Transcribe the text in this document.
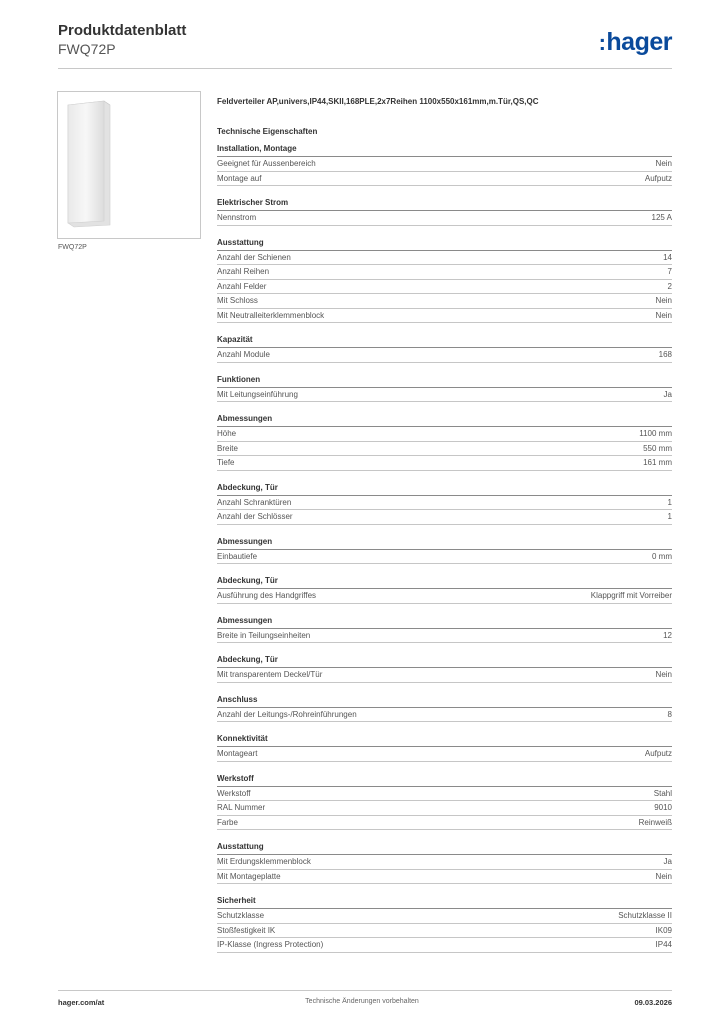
Produktdatenblatt
FWQ72P	:hager
FWQ72P
Feldverteiler AP,univers,IP44,SKII,168PLE,2x7Reihen 1100x550x161mm,m.Tür,QS,QC
Technische Eigenschaften
Installation, Montage
Geeignet für Aussenbereich	Nein
Montage auf	Aufputz
Elektrischer Strom
Nennstrom	125 A
Ausstattung
Anzahl der Schienen	14
Anzahl Reihen	7
Anzahl Felder	2
Mit Schloss	Nein
Mit Neutralleiterklemmenblock	Nein
Kapazität
Anzahl Module	168
Funktionen
Mit Leitungseinführung	Ja
Abmessungen
Höhe	1100 mm
Breite	550 mm
Tiefe	161 mm
Abdeckung, Tür
Anzahl Schranktüren	1
Anzahl der Schlösser	1
Abmessungen
Einbautiefe	0 mm
Abdeckung, Tür
Ausführung des Handgriffes	Klappgriff mit Vorreiber
Abmessungen
Breite in Teilungseinheiten	12
Abdeckung, Tür
Mit transparentem Deckel/Tür	Nein
Anschluss
Anzahl der Leitungs-/Rohreinführungen	8
Konnektivität
Montageart	Aufputz
Werkstoff
Werkstoff	Stahl
RAL Nummer	9010
Farbe	Reinweiß
Ausstattung
Mit Erdungsklemmenblock	Ja
Mit Montageplatte	Nein
Sicherheit
Schutzklasse	Schutzklasse II
Stoßfestigkeit IK	IK09
IP-Klasse (Ingress Protection)	IP44
hager.com/at	Technische Änderungen vorbehalten	09.03.2026
